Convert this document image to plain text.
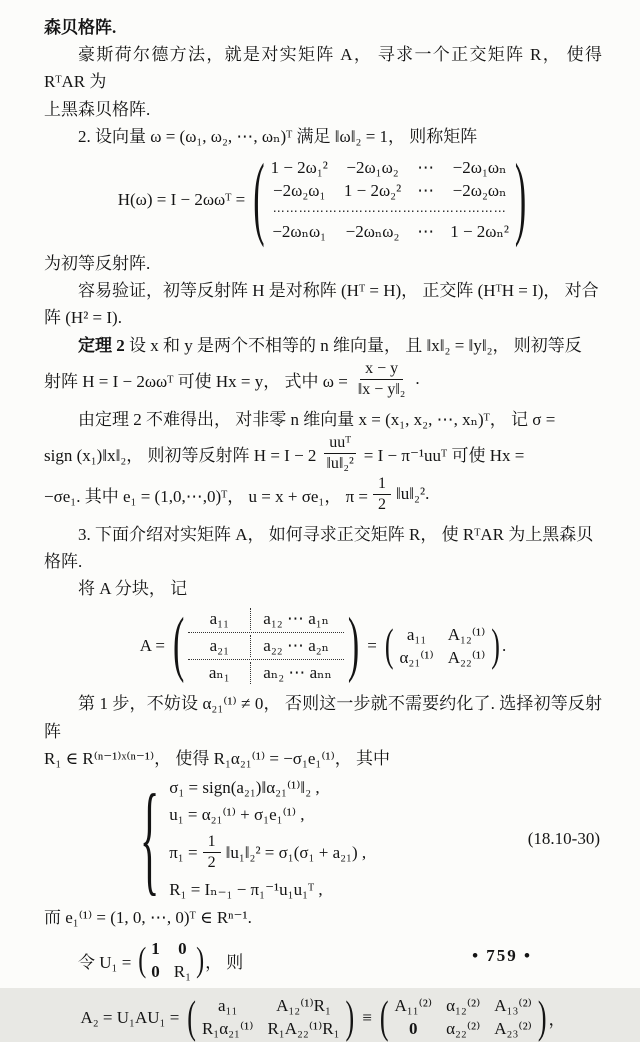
森贝格阵.

豪斯荷尔德方法，就是对实矩阵 A， 寻求一个正交矩阵 R， 使得 RᵀAR 为

上黑森贝格阵.

2. 设向量 ω = (ω₁, ω₂, ⋯, ωₙ)ᵀ 满足 ‖ω‖₂ = 1， 则称矩阵

H(ω) = I − 2ωωᵀ = ( 1 − 2ω₁² −2ω₁ω₂ ⋯ −2ω₁ωₙ
−2ω₂ω₁ 1 − 2ω₂² ⋯ −2ω₂ωₙ
⋯⋯⋯⋯⋯⋯⋯⋯⋯⋯⋯⋯⋯⋯⋯⋯⋯⋯
−2ωₙω₁ −2ωₙω₂ ⋯ 1 − 2ωₙ² )

为初等反射阵.

容易验证，初等反射阵 H 是对称阵 (Hᵀ = H)， 正交阵 (HᵀH = I)， 对合

阵 (H² = I).

定理 2 设 x 和 y 是两个不相等的 n 维向量， 且 ‖x‖₂ = ‖y‖₂， 则初等反

射阵 H = I − 2ωωᵀ 可使 Hx = y， 式中 $\omega = \frac{x - y}{\text{‖x − y‖₂}}$ .

由定理 2 不难得出， 对非零 n 维向量 x = (x₁, x₂, ⋯, xₙ)ᵀ， 记 σ =

sign (x₁)‖x‖₂， 则初等反射阵 $H = I - 2 \frac{\text{uuᵀ}}{\text{‖u‖₂²}} = I$ − π⁻¹uuᵀ 可使 Hx =
−σe₁. 其中 e₁ = (1,0,⋯,0)ᵀ， u = x + σe₁， $\pi = \frac{1}{2}$ ‖u‖₂².

3. 下面介绍对实矩阵 A， 如何寻求正交矩阵 R， 使 RᵀAR 为上黑森贝

格阵.

将 A 分块， 记

A = (	a₁₁	a₁₂ ⋯ a₁ₙ
a₂₁	a₂₂ ⋯ a₂ₙ
aₙ₁	aₙ₂ ⋯ aₙₙ ) = ( a₁₁	A₁₂⁽¹⁾
α₂₁⁽¹⁾ A₂₂⁽¹⁾ ) .

第 1 步，不妨设 α₂₁⁽¹⁾ ≠ 0， 否则这一步就不需要约化了. 选择初等反射阵

R₁ ∈ R⁽ⁿ⁻¹⁾ˣ⁽ⁿ⁻¹⁾， 使得 R₁α₂₁⁽¹⁾ = −σ₁e₁⁽¹⁾， 其中

{ σ₁ = sign(a₂₁)‖α₂₁⁽¹⁾‖₂ ,
u₁ = α₂₁⁽¹⁾ + σ₁e₁⁽¹⁾ ,
$\pi_1 = \frac{1}{2}$ ‖u₁‖₂² = σ₁(σ₁ + a₂₁) ,
R₁ = Iₙ₋₁ − π₁⁻¹u₁u₁ᵀ ,
(18.10-30)

而 e₁⁽¹⁾ = (1, 0, ⋯, 0)ᵀ ∈ Rⁿ⁻¹.

令 U₁ = ( 1 0
0 R₁ ) ， 则
A₂ = U₁AU₁ = (	a₁₁	A₁₂⁽¹⁾R₁
R₁α₂₁⁽¹⁾ R₁A₂₂⁽¹⁾R₁ ) ≡ ( A₁₁⁽²⁾ α₁₂⁽²⁾ A₁₃⁽²⁾
0	α₂₂⁽²⁾ A₂₃⁽²⁾ ) ，
• 759 •
